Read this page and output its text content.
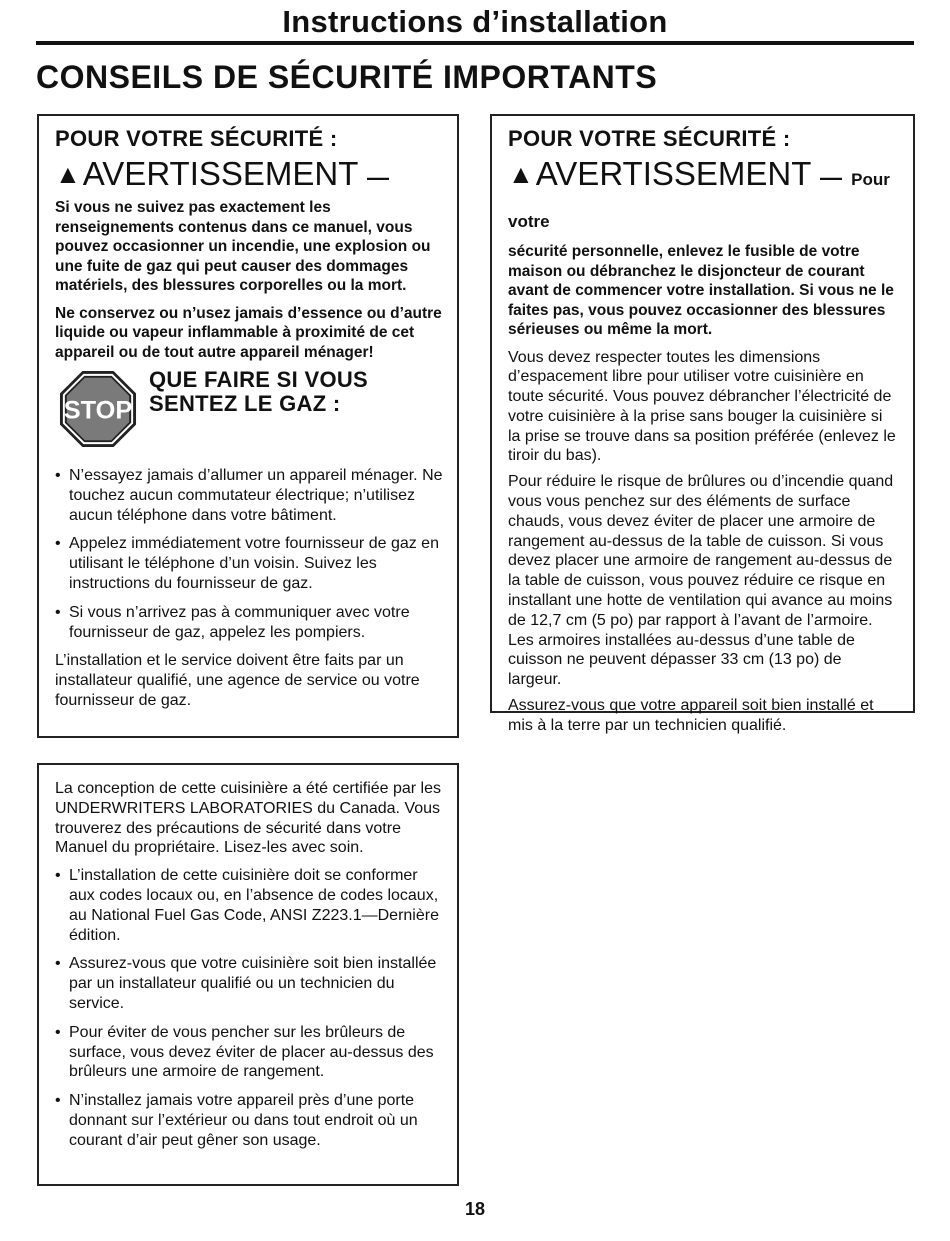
Instructions d’installation
CONSEILS DE SÉCURITÉ IMPORTANTS
POUR VOTRE SÉCURITÉ :
▲AVERTISSEMENT —

Si vous ne suivez pas exactement les renseignements contenus dans ce manuel, vous pouvez occasionner un incendie, une explosion ou une fuite de gaz qui peut causer des dommages matériels, des blessures corporelles ou la mort.

Ne conservez ou n’usez jamais d’essence ou d’autre liquide ou vapeur inflammable à proximité de cet appareil ou de tout autre appareil ménager!

STOP
QUE FAIRE SI VOUS SENTEZ LE GAZ :
• N’essayez jamais d’allumer un appareil ménager. Ne touchez aucun commutateur électrique; n’utilisez aucun téléphone dans votre bâtiment.
• Appelez immédiatement votre fournisseur de gaz en utilisant le téléphone d’un voisin. Suivez les instructions du fournisseur de gaz.
• Si vous n’arrivez pas à communiquer avec votre fournisseur de gaz, appelez les pompiers.

L’installation et le service doivent être faits par un installateur qualifié, une agence de service ou votre fournisseur de gaz.

POUR VOTRE SÉCURITÉ :
▲AVERTISSEMENT — Pour votre

sécurité personnelle, enlevez le fusible de votre maison ou débranchez le disjoncteur de courant avant de commencer votre installation. Si vous ne le faites pas, vous pouvez occasionner des blessures sérieuses ou même la mort.

Vous devez respecter toutes les dimensions d’espacement libre pour utiliser votre cuisinière en toute sécurité. Vous pouvez débrancher l’électricité de votre cuisinière à la prise sans bouger la cuisinière si la prise se trouve dans sa position préférée (enlevez le tiroir du bas).

Pour réduire le risque de brûlures ou d’incendie quand vous vous penchez sur des éléments de surface chauds, vous devez éviter de placer une armoire de rangement au-dessus de la table de cuisson. Si vous devez placer une armoire de rangement au-dessus de la table de cuisson, vous pouvez réduire ce risque en installant une hotte de ventilation qui avance au moins de 12,7 cm (5 po) par rapport à l’avant de l’armoire. Les armoires installées au-dessus d’une table de cuisson ne peuvent dépasser 33 cm (13 po) de largeur.

Assurez-vous que votre appareil soit bien installé et mis à la terre par un technicien qualifié.

La conception de cette cuisinière a été certifiée par les UNDERWRITERS LABORATORIES du Canada. Vous trouverez des précautions de sécurité dans votre Manuel du propriétaire. Lisez-les avec soin.

• L’installation de cette cuisinière doit se conformer aux codes locaux ou, en l’absence de codes locaux, au National Fuel Gas Code, ANSI Z223.1—Dernière édition.
• Assurez-vous que votre cuisinière soit bien installée par un installateur qualifié ou un technicien du service.
• Pour éviter de vous pencher sur les brûleurs de surface, vous devez éviter de placer au-dessus des brûleurs une armoire de rangement.
• N’installez jamais votre appareil près d’une porte donnant sur l’extérieur ou dans tout endroit où un courant d’air peut gêner son usage.
18
